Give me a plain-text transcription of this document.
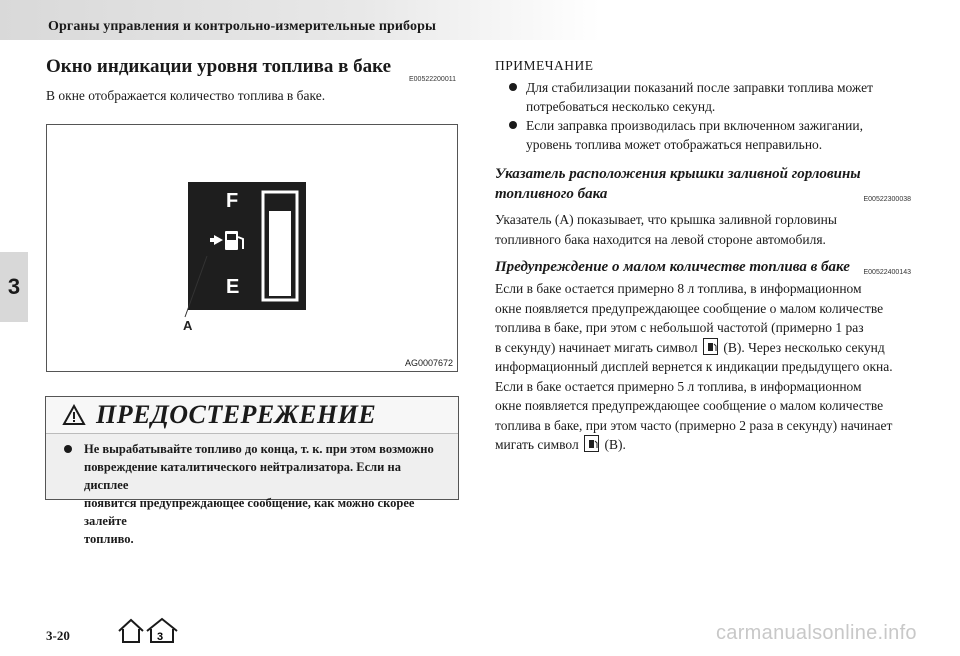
Органы управления и контрольно-измерительные приборы
3
Окно индикации уровня топлива в баке

В окне отображается количество топлива в баке.

E00522200011
F
E
A
AG0007672
ПРЕДОСТЕРЕЖЕНИЕ
Не вырабатывайте топливо до конца, т. к. при этом возможно
повреждение каталитического нейтрализатора. Если на дисплее
появится предупреждающее сообщение, как можно скорее залейте
топливо.
ПРИМЕЧАНИЕ
Для стабилизации показаний после заправки топлива может
потребоваться несколько секунд.
Если заправка производилась при включенном зажигании,
уровень топлива может отображаться неправильно.
Указатель расположения крышки заливной горловины
топливного бака	E00522300038
Указатель (A) показывает, что крышка заливной горловины
топливного бака находится на левой стороне автомобиля.
Предупреждение о малом количестве топлива в баке	E00522400143
Если в баке остается примерно 8 л топлива, в информационном
окне появляется предупреждающее сообщение о малом количестве
топлива в баке, при этом с небольшой частотой (примерно 1 раз
в секунду) начинает мигать символ (B). Через несколько секунд
информационный дисплей вернется к индикации предыдущего окна.
Если в баке остается примерно 5 л топлива, в информационном
окне появляется предупреждающее сообщение о малом количестве
топлива в баке, при этом часто (примерно 2 раза в секунду) начинает
мигать символ (B).
3-20	3	carmanualsonline.info
